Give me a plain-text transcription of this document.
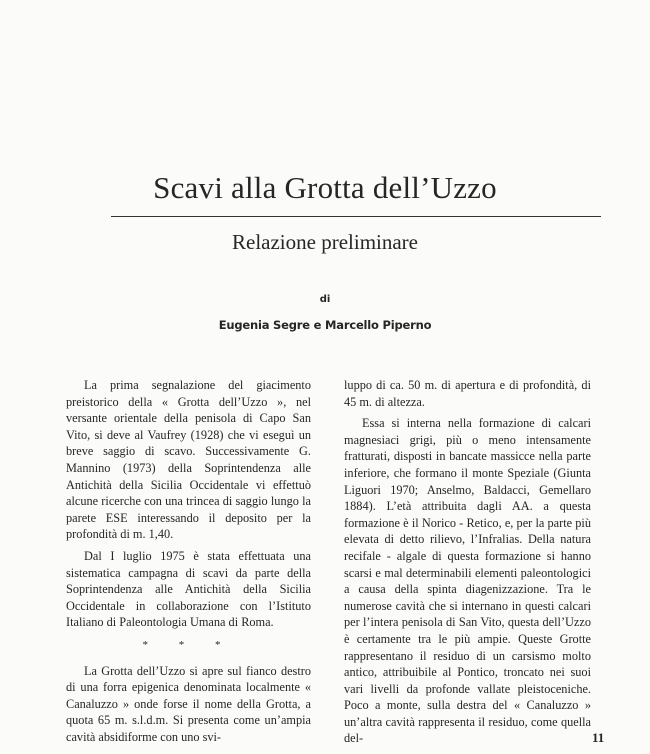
Scavi alla Grotta dell’Uzzo
Relazione preliminare
di
Eugenia Segre e Marcello Piperno

La prima segnalazione del giacimento preistorico della « Grotta dell’Uzzo », nel versante orientale della penisola di Capo San Vito, si deve al Vaufrey (1928) che vi eseguì un breve saggio di scavo. Successivamente G. Mannino (1973) della Soprintendenza alle Antichità della Sicilia Occidentale vi effettuò alcune ricerche con una trincea di saggio lungo la parete ESE interessando il deposito per la profondità di m. 1,40.

Dal I luglio 1975 è stata effettuata una sistematica campagna di scavi da parte della Soprintendenza alle Antichità della Sicilia Occidentale in collaborazione con l’Istituto Italiano di Paleontologia Umana di Roma.

* * *

La Grotta dell’Uzzo si apre sul fianco destro di una forra epigenica denominata localmente « Canaluzzo » onde forse il nome della Grotta, a quota 65 m. s.l.d.m. Si presenta come un’ampia cavità absidiforme con uno svi-

luppo di ca. 50 m. di apertura e di profondità, di 45 m. di altezza.

Essa si interna nella formazione di calcari magnesiaci grigi, più o meno intensamente fratturati, disposti in bancate massicce nella parte inferiore, che formano il monte Speziale (Giunta Liguori 1970; Anselmo, Baldacci, Gemellaro 1884). L’età attribuita dagli AA. a questa formazione è il Norico - Retico, e, per la parte più elevata di detto rilievo, l’Infralias. Della natura recifale - algale di questa formazione si hanno scarsi e mal determinabili elementi paleontologici a causa della spinta diagenizzazione. Tra le numerose cavità che si internano in questi calcari per l’intera penisola di San Vito, questa dell’Uzzo è certamente tra le più ampie. Queste Grotte rappresentano il residuo di un carsismo molto antico, attribuibile al Pontico, troncato nei suoi vari livelli da profonde vallate pleistoceniche. Poco a monte, sulla destra del « Canaluzzo » un’altra cavità rappresenta il residuo, come quella del-	11
